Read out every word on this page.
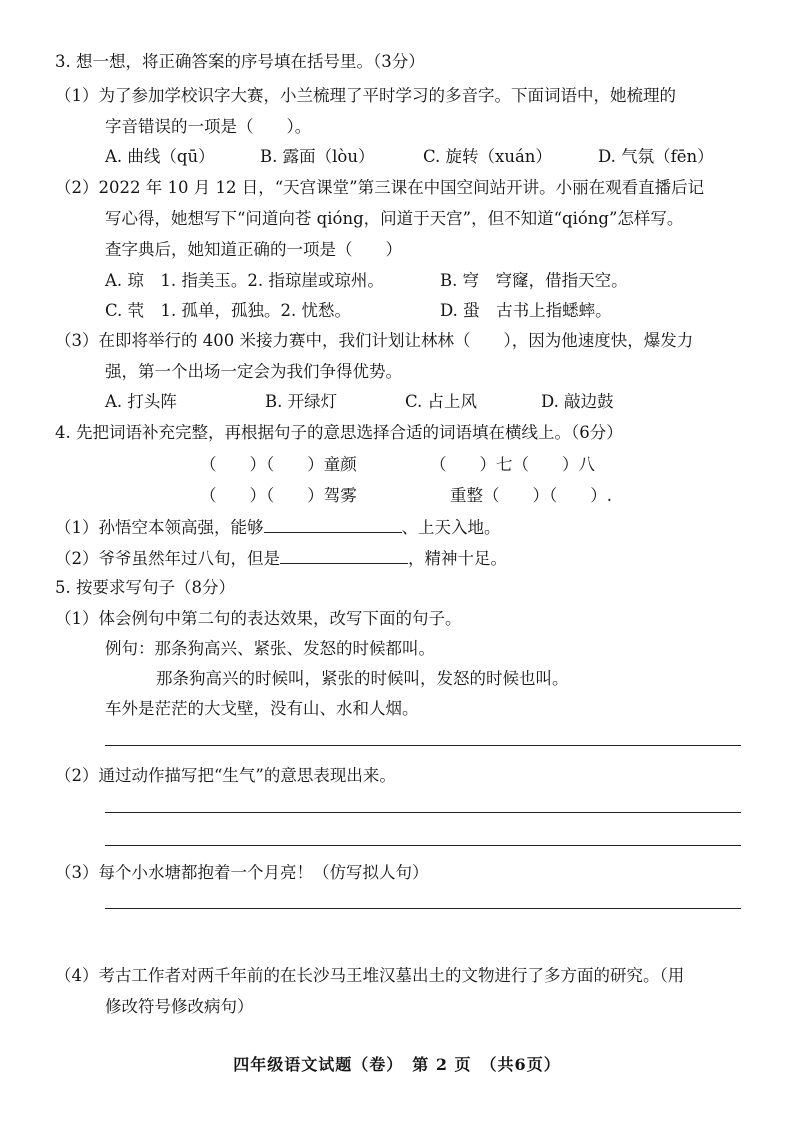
3. 想一想，将正确答案的序号填在括号里。（3分）
（1）为了参加学校识字大赛，小兰梳理了平时学习的多音字。下面词语中，她梳理的
字音错误的一项是（　　）。
A. 曲线（qū）	B. 露面（lòu）	C. 旋转（xuán）	D. 气氛（fēn）
（2）2022 年 10 月 12 日，“天宫课堂”第三课在中国空间站开讲。小丽在观看直播后记
写心得，她想写下“问道向苍 qióng，问道于天宫”，但不知道“qióng”怎样写。
查字典后，她知道正确的一项是（　　）
A. 琼　1. 指美玉。2. 指琼崖或琼州。	B. 穹　穹窿，借指天空。
C. 茕　1. 孤单，孤独。2. 忧愁。	D. 蛩　古书上指蟋蟀。
（3）在即将举行的 400 米接力赛中，我们计划让林林（　　），因为他速度快，爆发力
强，第一个出场一定会为我们争得优势。
A. 打头阵	B. 开绿灯	C. 占上风	D. 敲边鼓
4. 先把词语补充完整，再根据句子的意思选择合适的词语填在横线上。（6分）
（　　）（　　）童颜	（　　）七（　　）八
（　　）（　　）驾雾	重整（　　）（　　）.
（1）孙悟空本领高强，能够	、上天入地。
（2）爷爷虽然年过八旬，但是	，精神十足。
5. 按要求写句子（8分）
（1）体会例句中第二句的表达效果，改写下面的句子。
例句：那条狗高兴、紧张、发怒的时候都叫。
那条狗高兴的时候叫，紧张的时候叫，发怒的时候也叫。
车外是茫茫的大戈壁，没有山、水和人烟。
（2）通过动作描写把“生气”的意思表现出来。
（3）每个小水塘都抱着一个月亮！（仿写拟人句）
（4）考古工作者对两千年前的在长沙马王堆汉墓出土的文物进行了多方面的研究。（用
修改符号修改病句）
四年级语文试题（卷）　第 2 页　（共6页）
